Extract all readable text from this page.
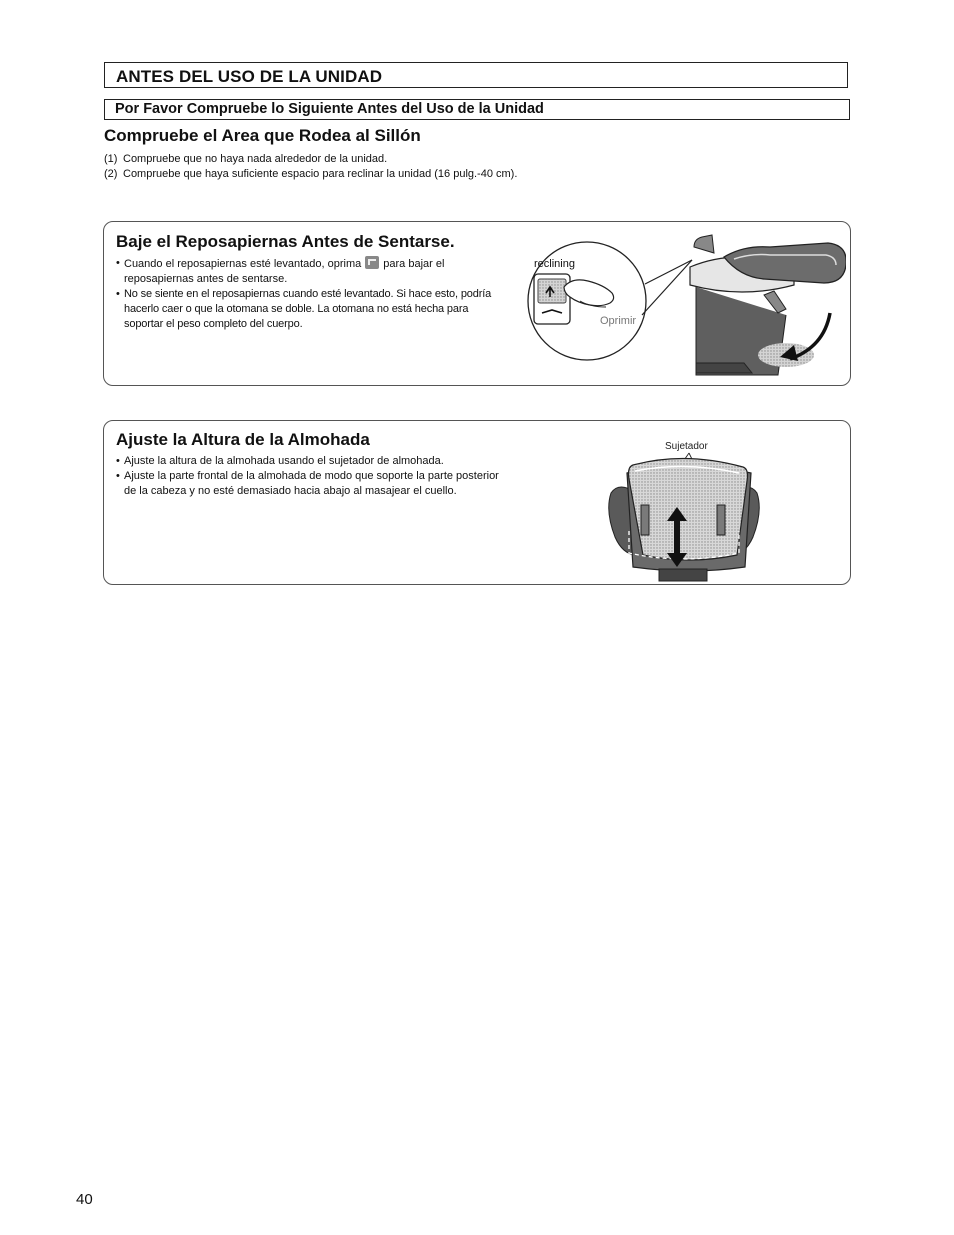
ANTES DEL USO DE LA UNIDAD
Por Favor Compruebe lo Siguiente Antes del Uso de la Unidad
Compruebe el Area que Rodea al Sillón
(1) Compruebe que no haya nada alrededor de la unidad.
(2) Compruebe que haya suficiente espacio para reclinar la unidad (16 pulg.-40 cm).
Baje el Reposapiernas Antes de Sentarse.
• Cuando el reposapiernas esté levantado, oprima para bajar el reposapiernas antes de sentarse.
• No se siente en el reposapiernas cuando esté levantado. Si hace esto, podría hacerlo caer o que la otomana se doble. La otomana no está hecha para soportar el peso completo del cuerpo.
reclining
Oprimir
Ajuste la Altura de la Almohada
• Ajuste la altura de la almohada usando el sujetador de almohada.
• Ajuste la parte frontal de la almohada de modo que soporte la parte posterior de la cabeza y no esté demasiado hacia abajo al masajear el cuello.
Sujetador
40
